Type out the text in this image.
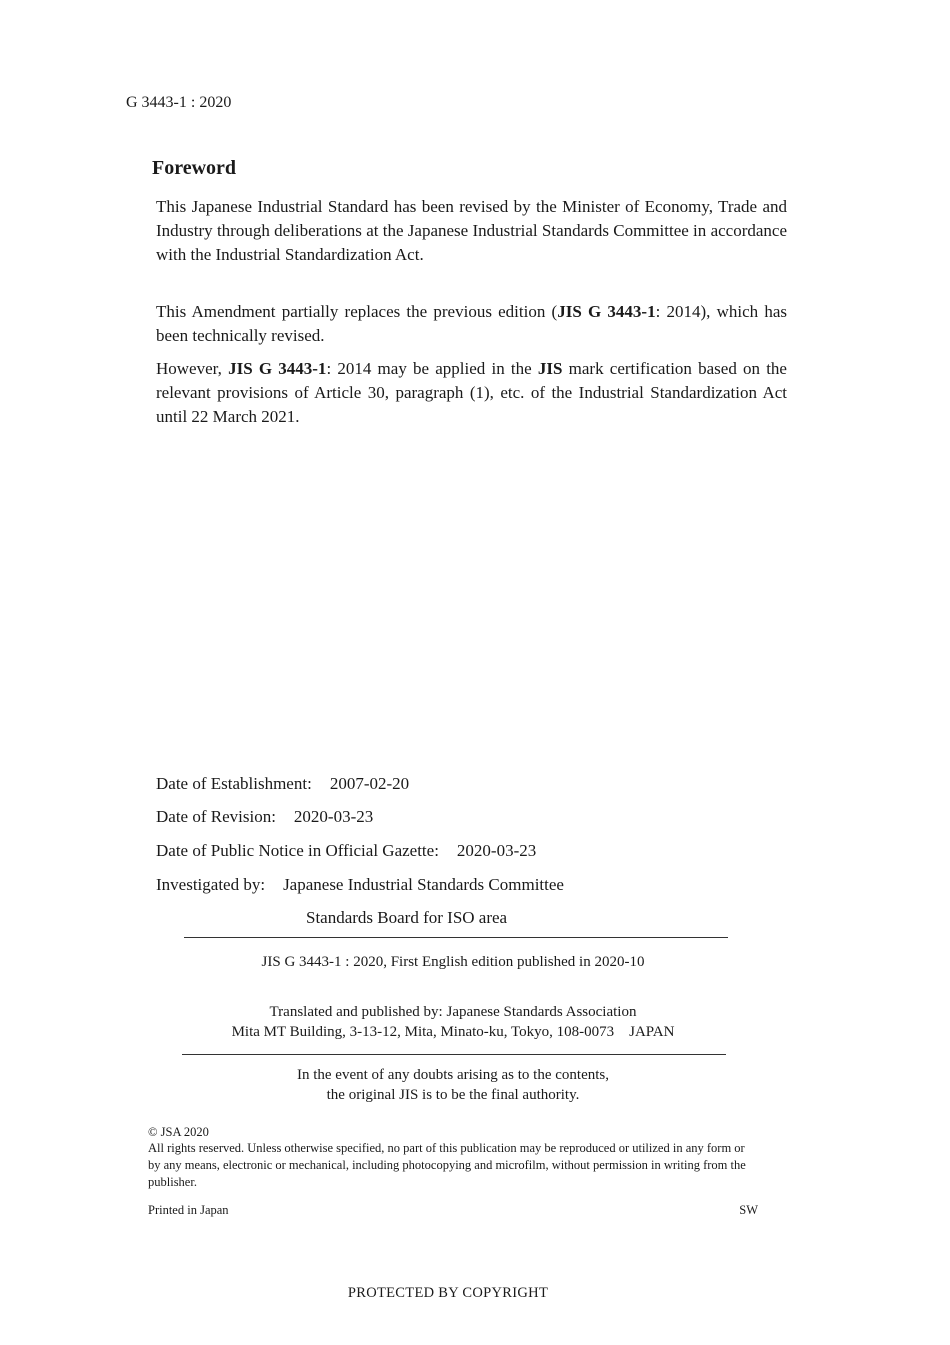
G 3443-1 : 2020
Foreword
This Japanese Industrial Standard has been revised by the Minister of Economy, Trade and Industry through deliberations at the Japanese Industrial Standards Committee in accordance with the Industrial Standardization Act.
This Amendment partially replaces the previous edition (JIS G 3443-1: 2014), which has been technically revised.
However, JIS G 3443-1: 2014 may be applied in the JIS mark certification based on the relevant provisions of Article 30, paragraph (1), etc. of the Industrial Standardization Act until 22 March 2021.
Date of Establishment: 2007-02-20
Date of Revision: 2020-03-23
Date of Public Notice in Official Gazette: 2020-03-23
Investigated by: Japanese Industrial Standards Committee
Standards Board for ISO area
JIS G 3443-1 : 2020, First English edition published in 2020-10
Translated and published by: Japanese Standards Association
Mita MT Building, 3-13-12, Mita, Minato-ku, Tokyo, 108-0073　JAPAN
In the event of any doubts arising as to the contents,
the original JIS is to be the final authority.
© JSA 2020
All rights reserved. Unless otherwise specified, no part of this publication may be reproduced or utilized in any form or by any means, electronic or mechanical, including photocopying and microfilm, without permission in writing from the publisher.
Printed in Japan	SW
PROTECTED BY COPYRIGHT
